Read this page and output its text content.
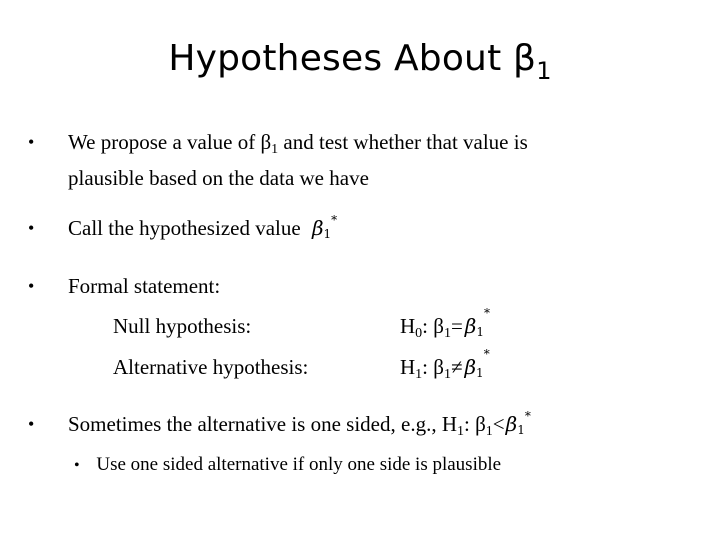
Hypotheses About $\beta_1$
• We propose a value of $\beta_1$ and test whether that value is
plausible based on the data we have
• Call the hypothesized value β1
*
• Formal statement:
Null hypothesis:	$H_0$: $\beta_1= \beta 1$
*
Alternative hypothesis:	$H_1$: $\beta_1\ne \beta 1$
*
• Sometimes the alternative is one sided, e.g., $H_1$: $\beta_1<\beta 1$
*
• Use one sided alternative if only one side is plausible
